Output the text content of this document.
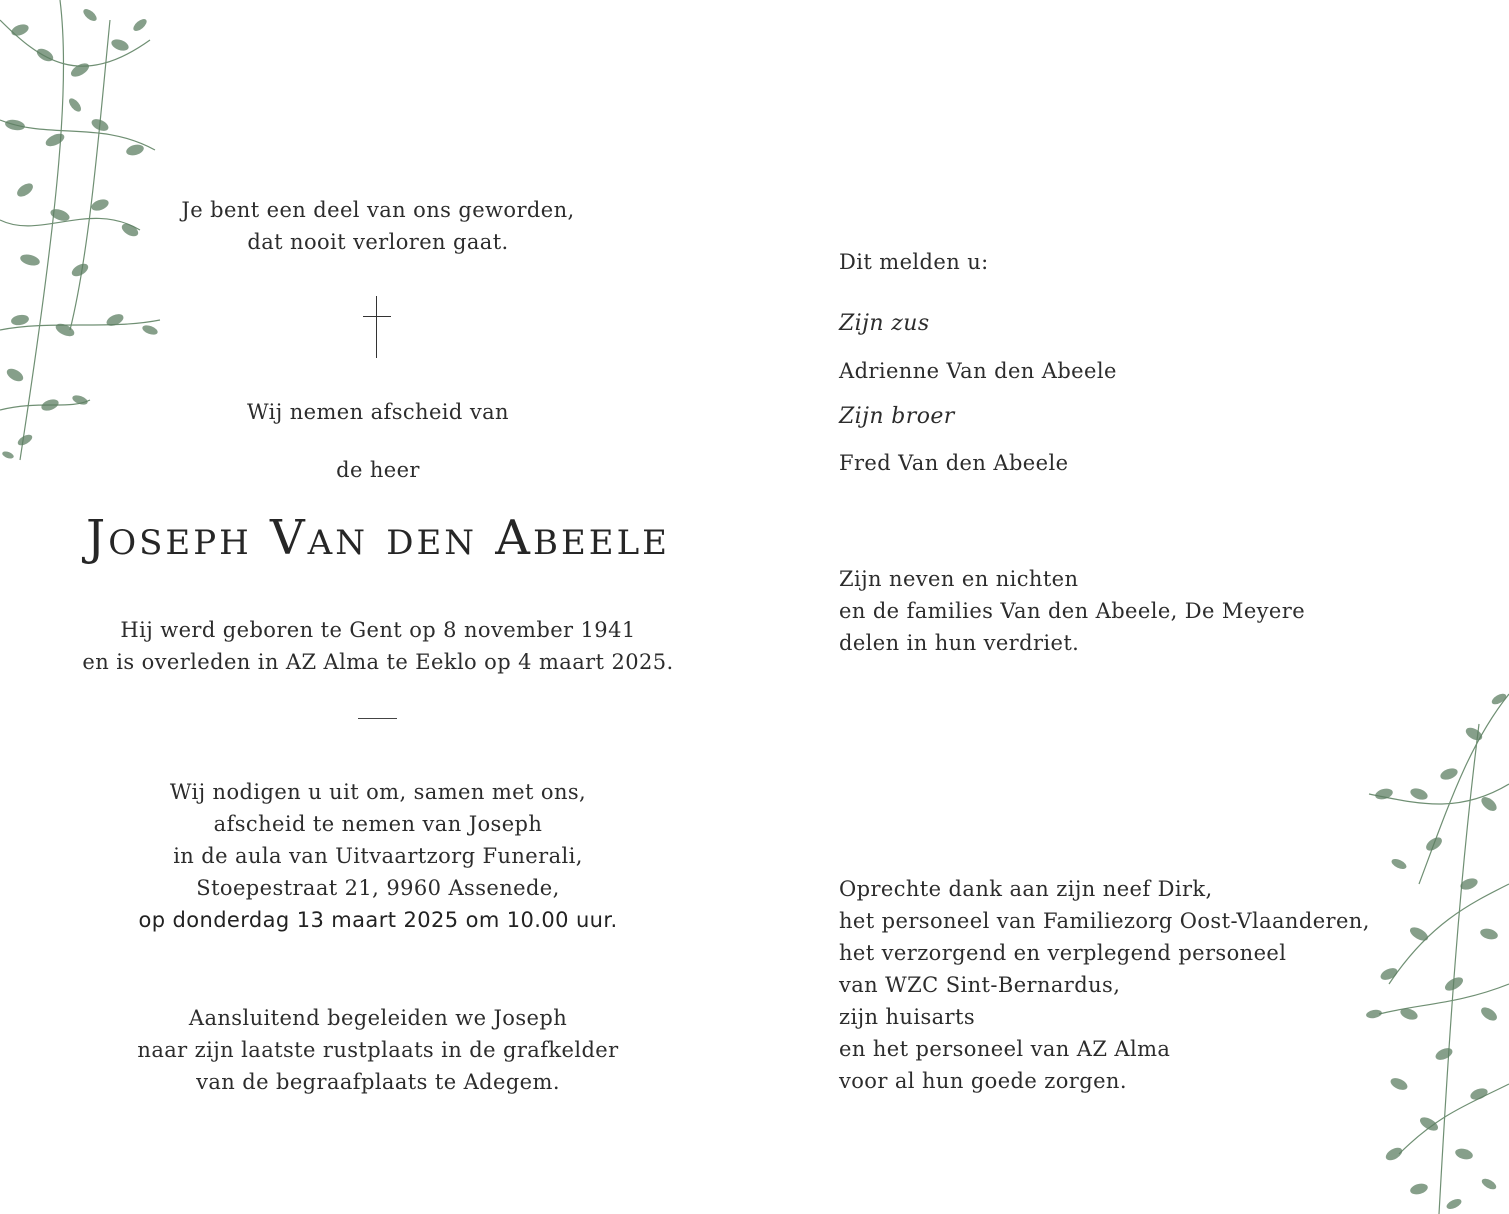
Je bent een deel van ons geworden,
dat nooit verloren gaat.
Wij nemen afscheid van
de heer
Joseph Van den Abeele
Hij werd geboren te Gent op 8 november 1941
en is overleden in AZ Alma te Eeklo op 4 maart 2025.
Wij nodigen u uit om, samen met ons,
afscheid te nemen van Joseph
in de aula van Uitvaartzorg Funerali,
Stoepestraat 21, 9960 Assenede,
op donderdag 13 maart 2025 om 10.00 uur.
Aansluitend begeleiden we Joseph
naar zijn laatste rustplaats in de grafkelder
van de begraafplaats te Adegem.
Dit melden u:
Zijn zus
Adrienne Van den Abeele
Zijn broer
Fred Van den Abeele
Zijn neven en nichten
en de families Van den Abeele, De Meyere
delen in hun verdriet.
Oprechte dank aan zijn neef Dirk,
het personeel van Familiezorg Oost-Vlaanderen,
het verzorgend en verplegend personeel
van WZC Sint-Bernardus,
zijn huisarts
en het personeel van AZ Alma
voor al hun goede zorgen.
